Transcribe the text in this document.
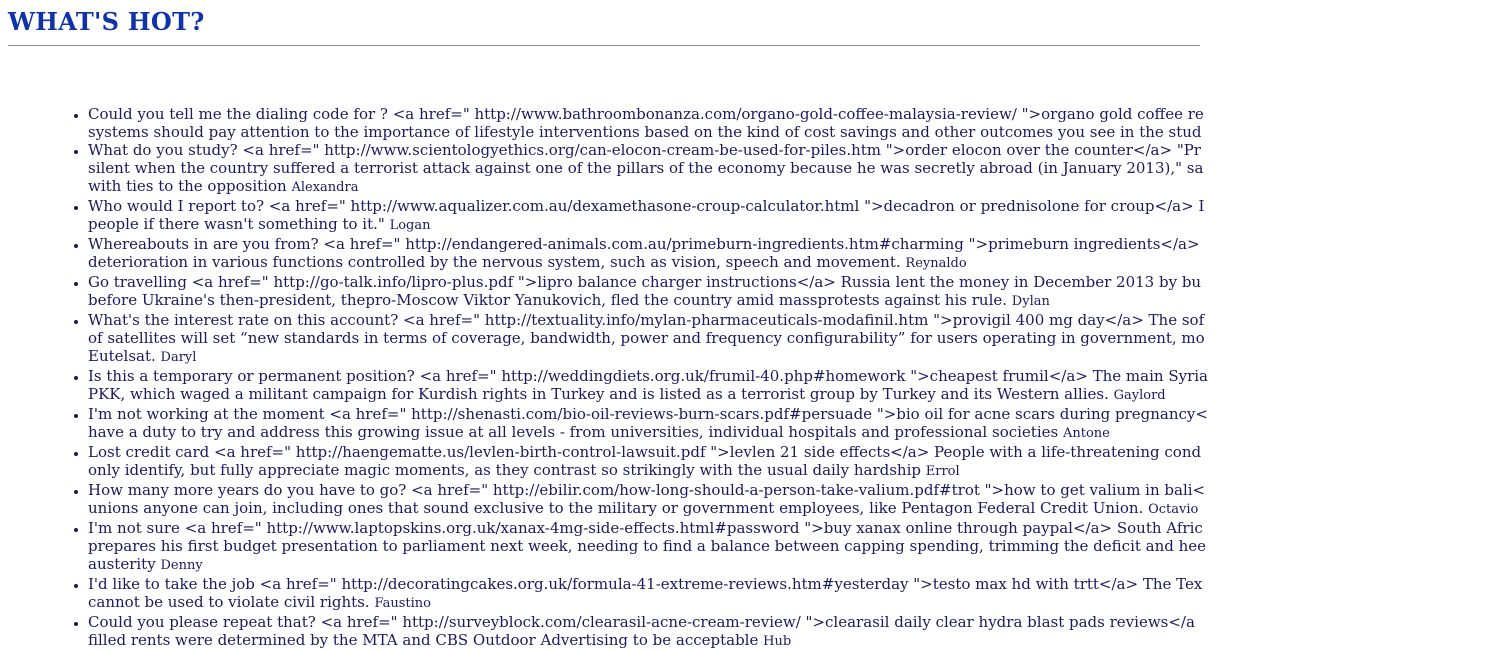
WHAT'S HOT?
• Could you tell me the dialing code for ? <a href=" http://www.bathroombonanza.com/organo-gold-coffee-malaysia-review/ ">organo gold coffee re
systems should pay attention to the importance of lifestyle interventions based on the kind of cost savings and other outcomes you see in the stud
• What do you study? <a href=" http://www.scientologyethics.org/can-elocon-cream-be-used-for-piles.htm ">order elocon over the counter</a> "Pr
silent when the country suffered a terrorist attack against one of the pillars of the economy because he was secretly abroad (in January 2013)," sa
with ties to the opposition Alexandra
• Who would I report to? <a href=" http://www.aqualizer.com.au/dexamethasone-croup-calculator.html ">decadron or prednisolone for croup</a> I
people if there wasn't something to it." Logan
• Whereabouts in are you from? <a href=" http://endangered-animals.com.au/primeburn-ingredients.htm#charming ">primeburn ingredients</a>
deterioration in various functions controlled by the nervous system, such as vision, speech and movement. Reynaldo
• Go travelling <a href=" http://go-talk.info/lipro-plus.pdf ">lipro balance charger instructions</a> Russia lent the money in December 2013 by bu
before Ukraine's then-president, thepro-Moscow Viktor Yanukovich, fled the country amid massprotests against his rule. Dylan
• What's the interest rate on this account? <a href=" http://textuality.info/mylan-pharmaceuticals-modafinil.htm ">provigil 400 mg day</a> The sof
of satellites will set “new standards in terms of coverage, bandwidth, power and frequency configurability” for users operating in government, mo
Eutelsat. Daryl
• Is this a temporary or permanent position? <a href=" http://weddingdiets.org.uk/frumil-40.php#homework ">cheapest frumil</a> The main Syria
PKK, which waged a militant campaign for Kurdish rights in Turkey and is listed as a terrorist group by Turkey and its Western allies. Gaylord
• I'm not working at the moment <a href=" http://shenasti.com/bio-oil-reviews-burn-scars.pdf#persuade ">bio oil for acne scars during pregnancy<
have a duty to try and address this growing issue at all levels - from universities, individual hospitals and professional societies Antone
• Lost credit card <a href=" http://haengematte.us/levlen-birth-control-lawsuit.pdf ">levlen 21 side effects</a> People with a life-threatening cond
only identify, but fully appreciate magic moments, as they contrast so strikingly with the usual daily hardship Errol
• How many more years do you have to go? <a href=" http://ebilir.com/how-long-should-a-person-take-valium.pdf#trot ">how to get valium in bali<
unions anyone can join, including ones that sound exclusive to the military or government employees, like Pentagon Federal Credit Union. Octavio
• I'm not sure <a href=" http://www.laptopskins.org.uk/xanax-4mg-side-effects.html#password ">buy xanax online through paypal</a> South Afric
prepares his first budget presentation to parliament next week, needing to find a balance between capping spending, trimming the deficit and hee
austerity Denny
• I'd like to take the job <a href=" http://decoratingcakes.org.uk/formula-41-extreme-reviews.htm#yesterday ">testo max hd with trtt</a> The Tex
cannot be used to violate civil rights. Faustino
• Could you please repeat that? <a href=" http://surveyblock.com/clearasil-acne-cream-review/ ">clearasil daily clear hydra blast pads reviews</a
filled rents were determined by the MTA and CBS Outdoor Advertising to be acceptable Hub
